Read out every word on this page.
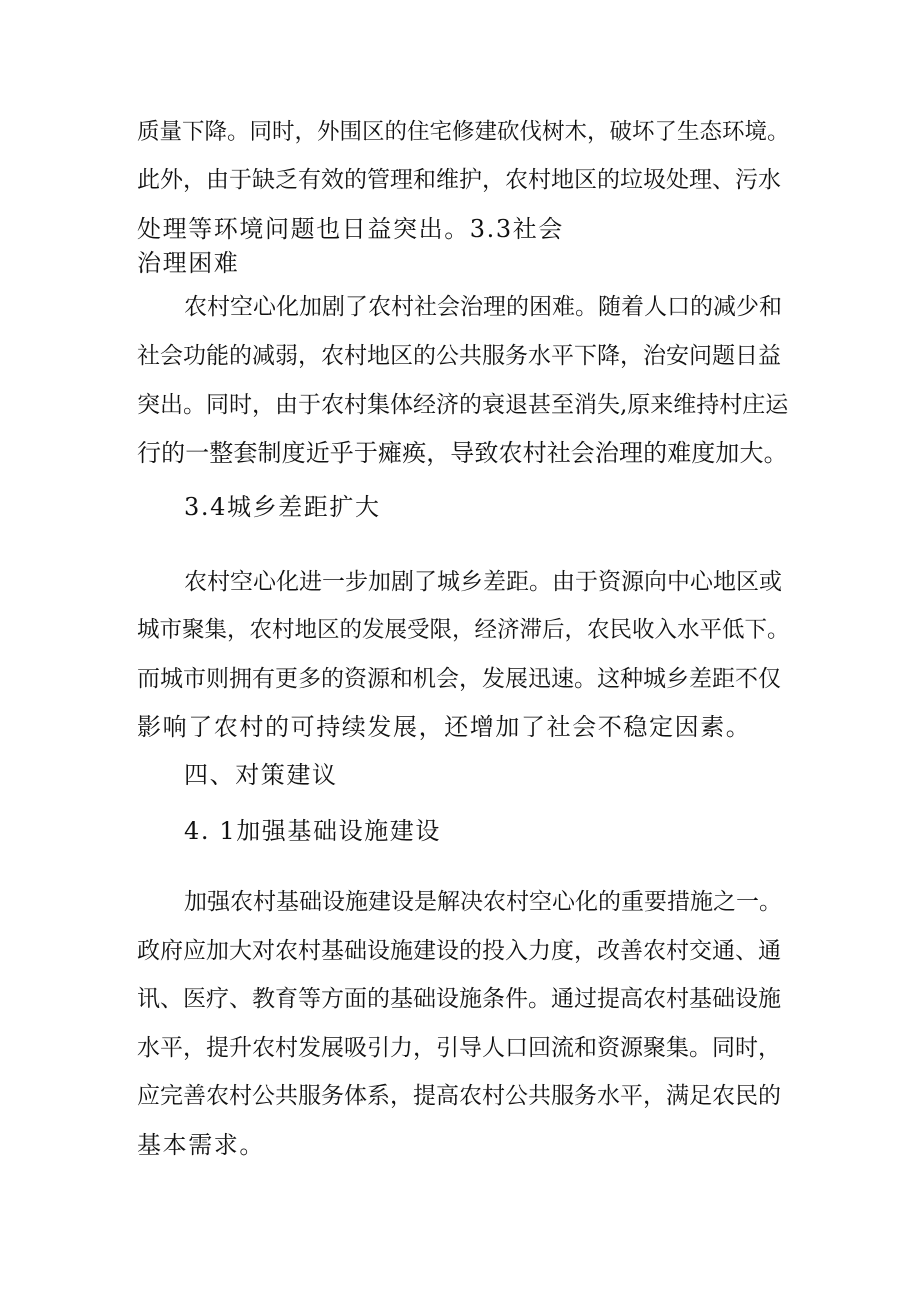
质量下降。同时，外围区的住宅修建砍伐树木，破坏了生态环境。
此外，由于缺乏有效的管理和维护，农村地区的垃圾处理、污水
处理等环境问题也日益突出。3.3社会
治理困难
农村空心化加剧了农村社会治理的困难。随着人口的减少和
社会功能的减弱，农村地区的公共服务水平下降，治安问题日益
突出。同时，由于农村集体经济的衰退甚至消失,原来维持村庄运
行的一整套制度近乎于瘫痪，导致农村社会治理的难度加大。
3.4城乡差距扩大
农村空心化进一步加剧了城乡差距。由于资源向中心地区或
城市聚集，农村地区的发展受限，经济滞后，农民收入水平低下。
而城市则拥有更多的资源和机会，发展迅速。这种城乡差距不仅
影响了农村的可持续发展，还增加了社会不稳定因素。
四、对策建议
4. 1加强基础设施建设
加强农村基础设施建设是解决农村空心化的重要措施之一。
政府应加大对农村基础设施建设的投入力度，改善农村交通、通
讯、医疗、教育等方面的基础设施条件。通过提高农村基础设施
水平，提升农村发展吸引力，引导人口回流和资源聚集。同时，
应完善农村公共服务体系，提高农村公共服务水平，满足农民的
基本需求。
